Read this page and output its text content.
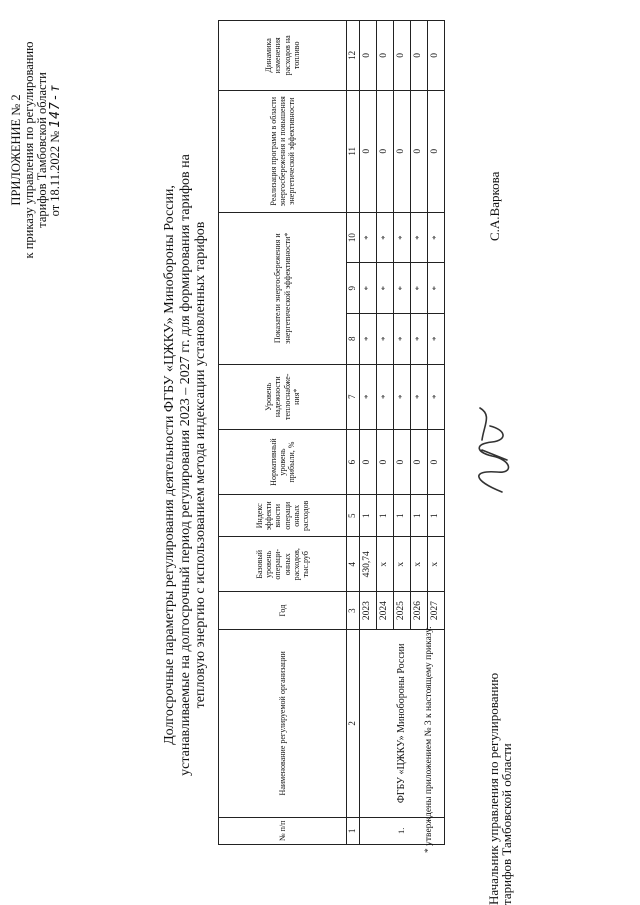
ПРИЛОЖЕНИЕ № 2 к приказу управления по регулированию тарифов Тамбовской области от 18.11.2022 № 147-т
Долгосрочные параметры регулирования деятельности ФГБУ «ЦЖКУ» Минобороны России, устанавливаемые на долгосрочный период регулирования 2023 – 2027 гг. для формирования тарифов на тепловую энергию с использованием метода индексации установленных тарифов
№ п/п	Наименование регулируемой организации	Год	Базовый уровень операци-онных расходов, тыс.руб	Индекс эффекти вности операци онных расходов	Нормативный уровень прибыли, %	Уровень надежности теплоснабже-ния*	Показатели энергосбережения и энергетической эффективности*			Реализация программ в области энергосбережения и повышения энергетической эффективности	Динамика изменения расходов на топливо
1	2	3	4	5	6	7	8	9	10	11	12
1.	ФГБУ «ЦЖКУ» Минобороны России	2023	430,74	1	0	*	*	*	*	0	0
		2024	x	1	0	*	*	*	*	0	0
		2025	x	1	0	*	*	*	*	0	0
		2026	x	1	0	*	*	*	*	0	0
		2027	x	1	0	*	*	*	*	0	0
* утверждены приложением № 3 к настоящему приказу.	Начальник управления по регулированию
тарифов Тамбовской области
С.А.Варкова
